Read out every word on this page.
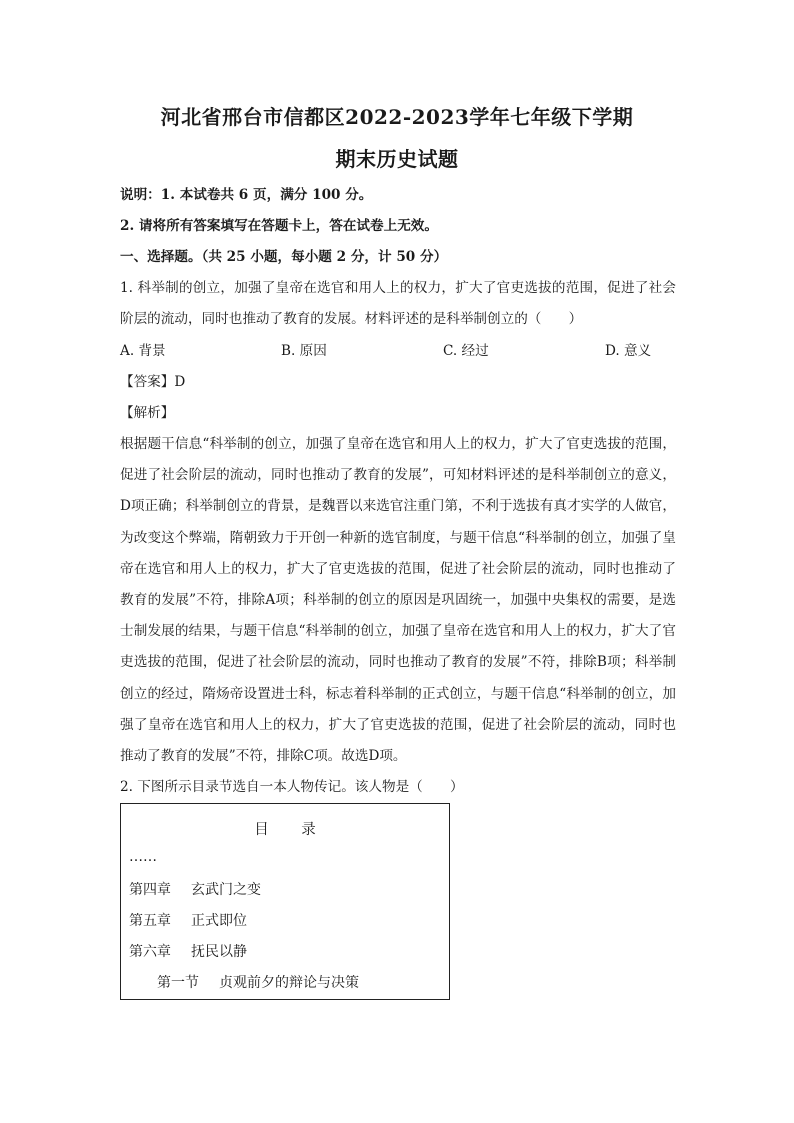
河北省邢台市信都区2022-2023学年七年级下学期
期末历史试题
说明：1. 本试卷共 6 页，满分 100 分。
2. 请将所有答案填写在答题卡上，答在试卷上无效。
一、选择题。（共 25 小题，每小题 2 分，计 50 分）

1. 科举制的创立，加强了皇帝在选官和用人上的权力，扩大了官吏选拔的范围，促进了社会阶层的流动，同时也推动了教育的发展。材料评述的是科举制创立的（　　）

A. 背景	B. 原因	C. 经过	D. 意义
【答案】D
【解析】

根据题干信息“科举制的创立，加强了皇帝在选官和用人上的权力，扩大了官吏选拔的范围，促进了社会阶层的流动，同时也推动了教育的发展”，可知材料评述的是科举制创立的意义，D项正确；科举制创立的背景，是魏晋以来选官注重门第，不利于选拔有真才实学的人做官，为改变这个弊端，隋朝致力于开创一种新的选官制度，与题干信息“科举制的创立，加强了皇帝在选官和用人上的权力，扩大了官吏选拔的范围，促进了社会阶层的流动，同时也推动了教育的发展”不符，排除A项；科举制的创立的原因是巩固统一，加强中央集权的需要，是选士制发展的结果，与题干信息“科举制的创立，加强了皇帝在选官和用人上的权力，扩大了官吏选拔的范围，促进了社会阶层的流动，同时也推动了教育的发展”不符，排除B项；科举制创立的经过，隋炀帝设置进士科，标志着科举制的正式创立，与题干信息“科举制的创立，加强了皇帝在选官和用人上的权力，扩大了官吏选拔的范围，促进了社会阶层的流动，同时也推动了教育的发展”不符，排除C项。故选D项。

2. 下图所示目录节选自一本人物传记。该人物是（　　）
目 录
……
第四章 玄武门之变
第五章 正式即位
第六章 抚民以静
第一节 贞观前夕的辩论与决策
